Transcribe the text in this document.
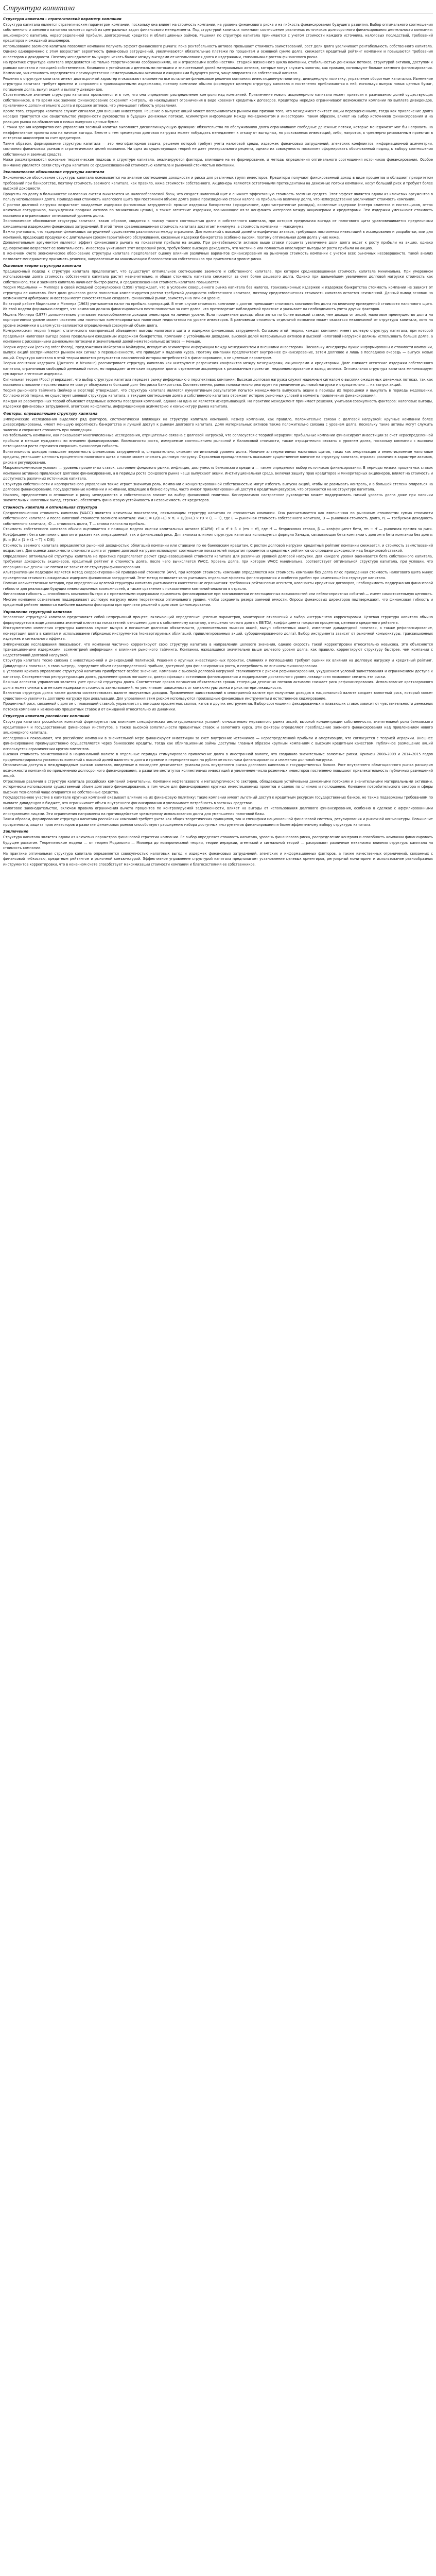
Структура капитала
Структура капитала - стратегический параметр компании

Структура капитала является стратегическим параметром компании, поскольку она влияет на стоимость компании, на уровень финансового риска и на гибкость финансирования будущего развития. Выбор оптимального соотношения собственного и заемного капитала является одной из центральных задач финансового менеджмента. Под структурой капитала понимают соотношение различных источников долгосрочного финансирования деятельности компании: акционерного капитала, нераспределенной прибыли, долгосрочных кредитов и облигационных займов. Решения по структуре капитала принимаются с учетом стоимости каждого источника, налоговых последствий, требований кредиторов и ожиданий акционеров.

Использование заемного капитала позволяет компании получать эффект финансового рычага: пока рентабельность активов превышает стоимость заимствований, рост доли долга увеличивает рентабельность собственного капитала. Однако одновременно с этим возрастает вероятность финансовых затруднений, увеличиваются обязательные платежи по процентам и основной сумме долга, снижается кредитный рейтинг компании и повышаются требования инвесторов к доходности. Поэтому менеджмент вынужден искать баланс между выгодами от использования долга и издержками, связанными с ростом финансового риска.

На практике структура капитала определяется не только теоретическими соображениями, но и отраслевыми особенностями, стадией жизненного цикла компании, стабильностью денежных потоков, структурой активов, доступом к рынкам капитала и позицией собственников. Компании с устойчивыми денежными потоками и значительной долей материальных активов, которые могут служить залогом, как правило, используют больше заемного финансирования. Компании, чья стоимость определяется преимущественно нематериальными активами и ожиданиями будущего роста, чаще опираются на собственный капитал.

Решения о структуре капитала имеют долгосрочный характер и оказывают влияние на все остальные финансовые решения компании: инвестиционную политику, дивидендную политику, управление оборотным капиталом. Изменение структуры капитала требует времени и сопряжено с транзакционными издержками, поэтому компании обычно формируют целевую структуру капитала и постепенно приближаются к ней, используя выпуск новых ценных бумаг, погашение долга, выкуп акций и выплату дивидендов.

Стратегическое значение структуры капитала проявляется и в том, что она определяет распределение контроля над компанией. Привлечение нового акционерного капитала может привести к размыванию долей существующих собственников, в то время как заемное финансирование сохраняет контроль, но накладывает ограничения в виде ковенант кредитных договоров. Кредиторы нередко ограничивают возможности компании по выплате дивидендов, привлечению дополнительного долга и продаже активов, что уменьшает гибкость управления.

Кроме того, структура капитала служит сигналом для внешних инвесторов. Решение о выпуске акций может восприниматься рынком как признак того, что менеджмент считает акции переоцененными, тогда как привлечение долга нередко трактуется как свидетельство уверенности руководства в будущих денежных потоках. Асимметрия информации между менеджментом и инвесторами, таким образом, влияет на выбор источников финансирования и на реакцию рынка на объявления о новых выпусках ценных бумаг.

С точки зрения корпоративного управления заемный капитал выполняет дисциплинирующую функцию: обязательства по обслуживанию долга ограничивают свободные денежные потоки, которые менеджмент мог бы направить на неэффективные проекты или на личные выгоды. Вместе с тем чрезмерная долговая нагрузка может побуждать менеджмент к отказу от выгодных, но рискованных инвестиций, либо, напротив, к чрезмерно рискованным проектам в интересах акционеров за счет кредиторов.

Таким образом, формирование структуры капитала — это многофакторная задача, решение которой требует учета налоговой среды, издержек финансовых затруднений, агентских конфликтов, информационной асимметрии, состояния финансовых рынков и стратегических целей компании. Ни одна из существующих теорий не дает универсального рецепта, однако их совокупность позволяет сформировать обоснованный подход к выбору соотношения собственных и заемных средств.

Ниже рассматриваются основные теоретические подходы к структуре капитала, анализируются факторы, влияющие на ее формирование, и методы определения оптимального соотношения источников финансирования. Особое внимание уделяется связи структуры капитала со средневзвешенной стоимостью капитала и рыночной стоимостью компании.

Экономическое обоснование структуры капитала

Экономическое обоснование структуры капитала основывается на анализе соотношения доходности и риска для различных групп инвесторов. Кредиторы получают фиксированный доход в виде процентов и обладают приоритетом требований при банкротстве, поэтому стоимость заемного капитала, как правило, ниже стоимости собственного. Акционеры являются остаточными претендентами на денежные потоки компании, несут больший риск и требуют более высокой доходности.

Проценты по долгу в большинстве налоговых систем вычитаются из налогооблагаемой базы, что создает налоговый щит и снижает эффективную стоимость заемных средств. Этот эффект является одним из ключевых аргументов в пользу использования долга. Приведенная стоимость налогового щита при постоянном объеме долга равна произведению ставки налога на прибыль на величину долга, что непосредственно увеличивает стоимость компании.

С ростом долговой нагрузки возрастают ожидаемые издержки финансовых затруднений: прямые издержки банкротства (юридические, административные расходы), косвенные издержки (потеря клиентов и поставщиков, отток ключевых сотрудников, вынужденная продажа активов по заниженным ценам), а также агентские издержки, возникающие из-за конфликта интересов между акционерами и кредиторами. Эти издержки уменьшают стоимость компании и ограничивают оптимальный уровень долга.

Экономическое обоснование структуры капитала, таким образом, сводится к поиску такого соотношения долга и собственного капитала, при котором предельная выгода от налогового щита уравновешивается предельными ожидаемыми издержками финансовых затруднений. В этой точке средневзвешенная стоимость капитала достигает минимума, а стоимость компании — максимума.

Важно учитывать, что издержки финансовых затруднений существенно различаются между отраслями. Для компаний с высокой долей специфичных активов, требующих постоянных инвестиций в исследования и разработки, или для компаний, продающих продукцию с длительным сроком гарантийного обслуживания, косвенные издержки банкротства особенно высоки, поэтому оптимальная доля долга у них ниже.

Дополнительным аргументом является эффект финансового рычага на показатели прибыли на акцию. При рентабельности активов выше ставки процента увеличение доли долга ведет к росту прибыли на акцию, однако одновременно возрастает ее волатильность. Инвесторы учитывают этот возросший риск, требуя более высокую доходность, что частично или полностью нивелирует выгоды от роста прибыли на акцию.

В конечном счете экономическое обоснование структуры капитала предполагает оценку влияния различных вариантов финансирования на рыночную стоимость компании с учетом всех рыночных несовершенств. Такой анализ позволяет менеджменту принимать решения, направленные на максимизацию благосостояния собственников при приемлемом уровне риска.

Основные теории структуры капитала

Традиционный подход к структуре капитала предполагает, что существует оптимальное соотношение заемного и собственного капитала, при котором средневзвешенная стоимость капитала минимальна. При умеренном использовании долга стоимость собственного капитала растет незначительно, и общая стоимость капитала снижается за счет более дешевого долга. Однако при дальнейшем увеличении долговой нагрузки стоимость как собственного, так и заемного капитала начинает быстро расти, и средневзвешенная стоимость капитала повышается.

Теория Модильяни — Миллера в своей исходной формулировке (1958) утверждает, что в условиях совершенного рынка капитала без налогов, транзакционных издержек и издержек банкротства стоимость компании не зависит от структуры ее капитала. Рост доли дешевого долга полностью компенсируется ростом требуемой доходности собственного капитала, поэтому средневзвешенная стоимость капитала остается неизменной. Данный вывод основан на возможности арбитража: инвесторы могут самостоятельно создавать финансовый рычаг, заимствуя на личном уровне.

Во второй работе Модильяни и Миллера (1963) учитывается налог на прибыль корпораций. В этом случае стоимость компании с долгом превышает стоимость компании без долга на величину приведенной стоимости налогового щита. Из этой модели формально следует, что компания должна финансироваться почти полностью за счет долга, что противоречит наблюдаемой практике и указывает на необходимость учета других факторов.

Модель Миллера (1977) дополнительно учитывает налогообложение доходов инвесторов на личном уровне. Если процентные доходы облагаются по более высокой ставке, чем доходы от акций, налоговое преимущество долга на корпоративном уровне может частично или полностью компенсироваться налоговым недостатком на уровне инвесторов. В равновесии стоимость отдельной компании может оказаться независимой от структуры капитала, хотя на уровне экономики в целом устанавливается определенный совокупный объем долга.

Компромиссная теория (теория статического компромисса) объединяет выгоды налогового щита и издержки финансовых затруднений. Согласно этой теории, каждая компания имеет целевую структуру капитала, при которой предельная налоговая выгода равна предельным ожидаемым издержкам банкротства. Компании с устойчивыми доходами, высокой долей материальных активов и высокой налоговой нагрузкой должны использовать больше долга, а компании с рискованными денежными потоками и значительной долей нематериальных активов — меньше.

Теория иерархии (pecking order theory), предложенная Майерсом и Майлуфом, исходит из асимметрии информации между менеджментом и внешними инвесторами. Поскольку менеджеры лучше информированы о стоимости компании, выпуск акций воспринимается рынком как сигнал о переоцененности, что приводит к падению курса. Поэтому компании предпочитают внутреннее финансирование, затем долговое и лишь в последнюю очередь — выпуск новых акций. Структура капитала в этой теории является результатом накопленной истории потребностей в финансировании, а не целевым параметром.

Теория агентских издержек (Дженсен и Меклинг) рассматривает структуру капитала как инструмент разрешения конфликтов между менеджерами, акционерами и кредиторами. Долг снижает агентские издержки собственного капитала, ограничивая свободный денежный поток, но порождает агентские издержки долга: стремление акционеров к рискованным проектам, недоинвестирование и вывод активов. Оптимальная структура капитала минимизирует суммарные агентские издержки.

Сигнальная теория (Росс) утверждает, что выбор структуры капитала передает рынку информацию о перспективах компании. Высокая долговая нагрузка служит надежным сигналом о высоких ожидаемых денежных потоках, так как компании с плохими перспективами не смогут обслуживать большой долг без риска банкротства. Соответственно, рынок положительно реагирует на увеличение долговой нагрузки и отрицательно — на выпуск акций.

Теория рыночного тайминга (Бейкер и Вюрглер) утверждает, что структура капитала является кумулятивным результатом попыток менеджмента выпускать акции в периоды их переоценки и выкупать в периоды недооценки. Согласно этой теории, не существует целевой структуры капитала, а текущее соотношение долга и собственного капитала отражает историю рыночных условий в моменты привлечения финансирования.

Каждая из рассмотренных теорий объясняет отдельные аспекты поведения компаний, однако ни одна не является исчерпывающей. На практике менеджмент принимает решения, учитывая совокупность факторов: налоговые выгоды, издержки финансовых затруднений, агентские конфликты, информационную асимметрию и конъюнктуру рынка капитала.

Факторы, определяющие структуру капитала

Эмпирические исследования выделяют ряд факторов, систематически влияющих на структуру капитала компаний. Размер компании, как правило, положительно связан с долговой нагрузкой: крупные компании более диверсифицированы, имеют меньшую вероятность банкротства и лучший доступ к рынкам долгового капитала. Доля материальных активов также положительно связана с уровнем долга, поскольку такие активы могут служить залогом и сохраняют стоимость при ликвидации.

Рентабельность компании, как показывают многочисленные исследования, отрицательно связана с долговой нагрузкой, что согласуется с теорией иерархии: прибыльные компании финансируют инвестиции за счет нераспределенной прибыли и меньше нуждаются во внешнем финансировании. Возможности роста, измеряемые соотношением рыночной и балансовой стоимости, также отрицательно связаны с уровнем долга, поскольку компании с высоким потенциалом роста стремятся сохранить финансовую гибкость.

Волатильность доходов повышает вероятность финансовых затруднений и, следовательно, снижает оптимальный уровень долга. Наличие альтернативных налоговых щитов, таких как амортизация и инвестиционные налоговые кредиты, уменьшает ценность процентного налогового щита и также может снижать долговую нагрузку. Отраслевая принадлежность оказывает существенное влияние на структуру капитала, отражая различия в характере активов, риска и регулирования.

Макроэкономические условия — уровень процентных ставок, состояние фондового рынка, инфляция, доступность банковского кредита — также определяют выбор источников финансирования. В периоды низких процентных ставок компании активнее привлекают долговое финансирование, а в периоды роста фондового рынка чаще выпускают акции. Институциональная среда, включая защиту прав кредиторов и миноритарных акционеров, влияет на стоимость и доступность различных источников капитала.

Структура собственности и корпоративного управления также играет значимую роль. Компании с концентрированной собственностью могут избегать выпуска акций, чтобы не размывать контроль, и в большей степени опираться на долговое финансирование. Государственные компании и компании, входящие в бизнес-группы, часто имеют привилегированный доступ к кредитным ресурсам, что отражается на их структуре капитала.

Наконец, предпочтения и отношение к риску менеджмента и собственников влияют на выбор финансовой политики. Консервативно настроенное руководство может поддерживать низкий уровень долга даже при наличии значительных налоговых выгод, стремясь обеспечить финансовую устойчивость и независимость от кредиторов.

Стоимость капитала и оптимальная структура

Средневзвешенная стоимость капитала (WACC) является ключевым показателем, связывающим структуру капитала со стоимостью компании. Она рассчитывается как взвешенная по рыночным стоимостям сумма стоимости собственного капитала и посленалоговой стоимости заемного капитала: WACC = E/(D+E) × rE + D/(D+E) × rD × (1 − T), где E — рыночная стоимость собственного капитала, D — рыночная стоимость долга, rE — требуемая доходность собственного капитала, rD — стоимость долга, T — ставка налога на прибыль.

Стоимость собственного капитала обычно оценивается с помощью модели оценки капитальных активов (CAPM): rE = rf + β × (rm − rf), где rf — безрисковая ставка, β — коэффициент бета, rm − rf — рыночная премия за риск. Коэффициент бета компании с долгом отражает как операционный, так и финансовый риск. Для анализа влияния структуры капитала используется формула Хамады, связывающая бета компании с долгом и бета компании без долга: βL = βU × [1 + (1 − T) × D/E].

Стоимость заемного капитала определяется рыночной доходностью облигаций компании или ставками по ее банковским кредитам. С ростом долговой нагрузки кредитный рейтинг компании снижается, и стоимость заимствований возрастает. Для оценки зависимости стоимости долга от уровня долговой нагрузки используют соотношение показателей покрытия процентов и кредитных рейтингов со спредами доходности над безрисковой ставкой.

Определение оптимальной структуры капитала на практике предполагает расчет средневзвешенной стоимости капитала для различных уровней долговой нагрузки. Для каждого уровня оценивается бета собственного капитала, требуемая доходность акционеров, кредитный рейтинг и стоимость долга, после чего вычисляется WACC. Уровень долга, при котором WACC минимальна, соответствует оптимальной структуре капитала, при условии, что операционные денежные потоки не зависят от структуры финансирования.

Альтернативным подходом является метод скорректированной приведенной стоимости (APV), при котором стоимость компании определяется как стоимость компании без долга плюс приведенная стоимость налогового щита минус приведенная стоимость ожидаемых издержек финансовых затруднений. Этот метод позволяет явно учитывать отдельные эффекты финансирования и особенно удобен при изменяющейся структуре капитала.

Помимо количественных методов, при определении целевой структуры капитала учитываются качественные ограничения: требования рейтинговых агентств, ковенанты кредитных договоров, необходимость поддержания финансовой гибкости для реализации будущих инвестиционных возможностей, а также сравнение с показателями компаний-аналогов в отрасли.

Финансовая гибкость — способность компании быстро и с приемлемыми издержками привлекать финансирование при возникновении инвестиционных возможностей или неблагоприятных событий — имеет самостоятельную ценность. Многие компании сознательно поддерживают долговую нагрузку ниже теоретически оптимального уровня, чтобы сохранить резерв заемной емкости. Опросы финансовых директоров подтверждают, что финансовая гибкость и кредитный рейтинг являются наиболее важными факторами при принятии решений о долговом финансировании.

Управление структурой капитала

Управление структурой капитала представляет собой непрерывный процесс, включающий определение целевых параметров, мониторинг отклонений и выбор инструментов корректировки. Целевая структура капитала обычно формулируется в виде диапазона значений ключевых показателей: отношения долга к собственному капиталу, отношения чистого долга к EBITDA, коэффициента покрытия процентов, целевого кредитного рейтинга.

Инструментами изменения структуры капитала служат выпуск и погашение долговых обязательств, дополнительная эмиссия акций, выкуп собственных акций, изменение дивидендной политики, а также рефинансирование, конвертация долга в капитал и использование гибридных инструментов (конвертируемых облигаций, привилегированных акций, субординированного долга). Выбор инструмента зависит от рыночной конъюнктуры, транзакционных издержек и сигнального эффекта.

Эмпирические исследования показывают, что компании частично корректируют свою структуру капитала в направлении целевого значения, однако скорость такой корректировки относительно невысока. Это объясняется транзакционными издержками, асимметрией информации и влиянием рыночного тайминга. Компании, находящиеся значительно выше целевого уровня долга, как правило, корректируют структуру быстрее, чем компании с недостаточной долговой нагрузкой.

Структура капитала тесно связана с инвестиционной и дивидендной политикой. Решения о крупных инвестиционных проектах, слияниях и поглощениях требуют оценки их влияния на долговую нагрузку и кредитный рейтинг. Дивидендная политика, в свою очередь, определяет объем нераспределенной прибыли, доступной для финансирования роста, и потребность во внешнем финансировании.

В условиях кризиса управление структурой капитала приобретает особое значение. Компании с высокой долговой нагрузкой сталкиваются с риском рефинансирования, ухудшением условий заимствования и ограничением доступа к капиталу. Своевременная реструктуризация долга, удлинение сроков погашения, диверсификация источников финансирования и поддержание достаточного уровня ликвидности позволяют снизить эти риски.

Важным аспектом управления является учет срочной структуры долга. Соответствие сроков погашения обязательств срокам генерации денежных потоков активами снижает риск рефинансирования. Использование краткосрочного долга может снижать агентские издержки и стоимость заимствований, но увеличивает зависимость от конъюнктуры рынка и риск потери ликвидности.

Валютная структура долга также должна соответствовать валюте получаемых доходов. Привлечение заимствований в иностранной валюте при получении доходов в национальной валюте создает валютный риск, который может существенно увеличить долговую нагрузку при девальвации. Для управления этим риском используются производные финансовые инструменты и естественное хеджирование.

Процентный риск, связанный с долгом с плавающей ставкой, управляется с помощью процентных свопов, кэпов и других инструментов. Выбор соотношения фиксированных и плавающих ставок зависит от чувствительности денежных потоков компании к изменению процентных ставок и от ожиданий относительно их динамики.

Структура капитала российских компаний

Структура капитала российских компаний формируется под влиянием специфических институциональных условий: относительно неразвитого рынка акций, высокой концентрации собственности, значительной роли банковского кредитования и государственных финансовых институтов, а также высокой волатильности процентных ставок и валютного курса. Эти факторы определяют преобладание заемного финансирования над привлечением нового акционерного капитала.

Исследования показывают, что российские компании в значительной мере финансируют инвестиции за счет внутренних источников — нераспределенной прибыли и амортизации, что согласуется с теорией иерархии. Внешнее финансирование преимущественно осуществляется через банковские кредиты, тогда как облигационные займы доступны главным образом крупным компаниям с высоким кредитным качеством. Публичное размещение акций используется ограниченным кругом эмитентов.

Высокая стоимость заимствований в национальной валюте в отдельные периоды стимулировала привлечение долга в иностранной валюте, что создавало значительные валютные риски. Кризисы 2008–2009 и 2014–2015 годов продемонстрировали уязвимость компаний с высокой долей валютного долга и привели к переориентации на рублевые источники финансирования и снижению долговой нагрузки.

Ограничения доступа к международным рынкам капитала, введенные в последнее десятилетие, усилили роль внутреннего рынка долгового капитала и государственных банков. Рост внутреннего облигационного рынка расширил возможности компаний по привлечению долгосрочного финансирования, а развитие институтов коллективных инвестиций и увеличение числа розничных инвесторов постепенно повышают привлекательность публичных размещений акций.

Отраслевые различия в структуре капитала российских компаний значительны. Компании нефтегазового и металлургического секторов, обладающие устойчивыми денежными потоками и значительными материальными активами, исторически использовали существенный объем долгового финансирования, в том числе для финансирования крупных инвестиционных проектов и сделок по слиянию и поглощению. Компании потребительского сектора и сферы высоких технологий чаще опираются на собственные средства.

Государственное участие в капитале крупных компаний оказывает влияние на их финансовую политику: такие компании имеют льготный доступ к кредитным ресурсам государственных банков, но также подвержены требованиям по выплате дивидендов в бюджет, что ограничивает объем внутреннего финансирования и увеличивает потребность в заемных средствах.

Налоговое законодательство, включая правила ограничения вычета процентов по контролируемой задолженности, влияет на выгоды от использования долгового финансирования, особенно в сделках с аффилированными иностранными лицами. Эти ограничения направлены на противодействие чрезмерному использованию долга для уменьшения налоговой базы.

Таким образом, формирование структуры капитала российских компаний требует учета как общих теоретических принципов, так и специфики национальной финансовой системы, регулирования и рыночной конъюнктуры. Повышение прозрачности, защита прав инвесторов и развитие финансовых рынков способствуют расширению набора доступных инструментов финансирования и более эффективному выбору структуры капитала.

Заключение

Структура капитала является одним из ключевых параметров финансовой стратегии компании. Ее выбор определяет стоимость капитала, уровень финансового риска, распределение контроля и способность компании финансировать будущее развитие. Теоретические модели — от теорем Модильяни — Миллера до компромиссной теории, теории иерархии, агентской и сигнальной теорий — раскрывают различные механизмы влияния структуры капитала на стоимость компании.

На практике оптимальная структура капитала определяется совокупностью налоговых выгод и издержек финансовых затруднений, агентских и информационных факторов, а также качественных ограничений, связанных с финансовой гибкостью, кредитным рейтингом и рыночной конъюнктурой. Эффективное управление структурой капитала предполагает установление целевых ориентиров, регулярный мониторинг и использование разнообразных инструментов корректировки, что в конечном счете способствует максимизации стоимости компании и благосостояния ее собственников.
